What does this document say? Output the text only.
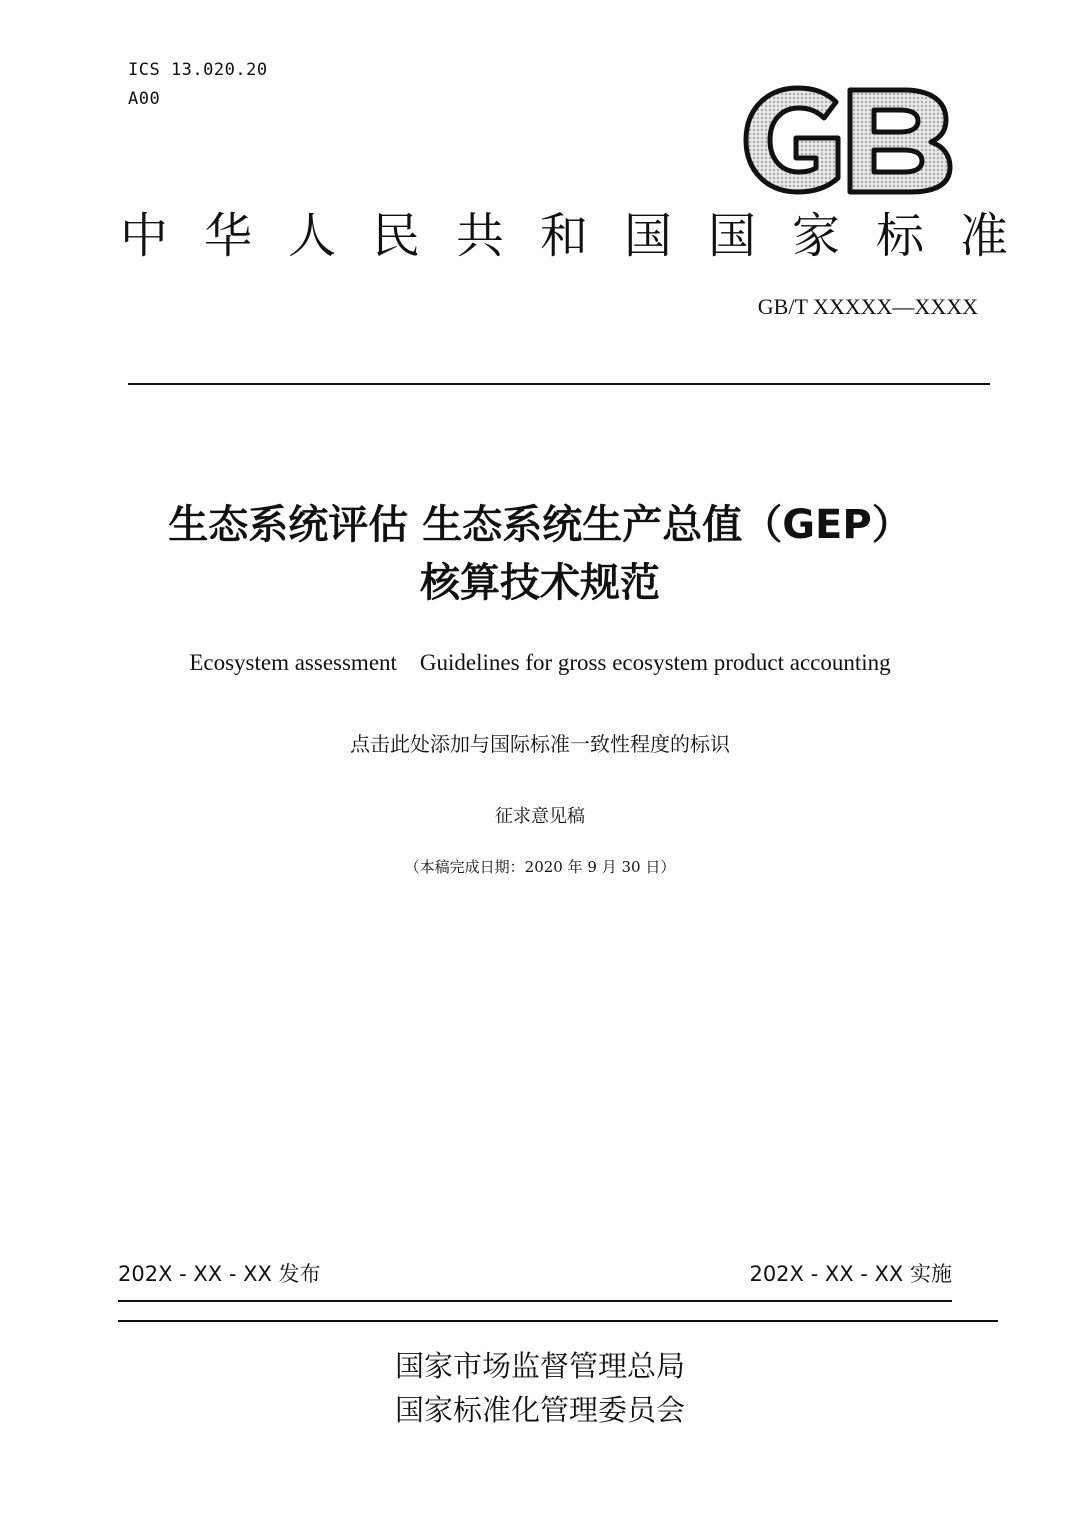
ICS 13.020.20
A00
中华人民共和国国家标准
GB/T XXXXX—XXXX
生态系统评估 生态系统生产总值（GEP）
核算技术规范
Ecosystem assessment    Guidelines for gross ecosystem product accounting
点击此处添加与国际标准一致性程度的标识
征求意见稿
（本稿完成日期：2020 年 9 月 30 日）
202X - XX - XX 发布	202X - XX - XX 实施
国家市场监督管理总局
国家标准化管理委员会
